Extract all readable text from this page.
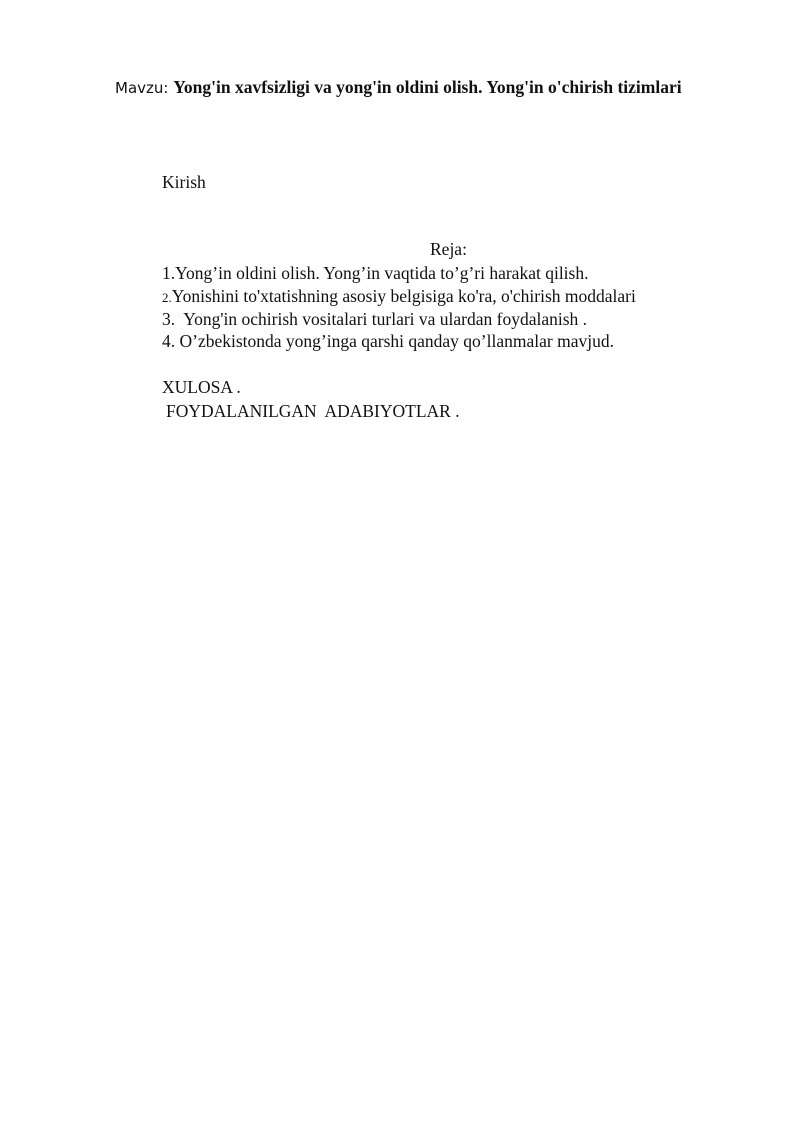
Mavzu: Yong'in xavfsizligi va yong'in oldini olish. Yong'in o'chirish tizimlari
Kirish
Reja:
1.Yong’in oldini olish. Yong’in vaqtida to’g’ri harakat qilish.
2.Yonishini to'xtatishning asosiy belgisiga ko'ra, o'chirish moddalari
3.  Yong'in ochirish vositalari turlari va ulardan foydalanish .
4. O’zbekistonda yong’inga qarshi qanday qo’llanmalar mavjud.
XULOSA .
FOYDALANILGAN  ADABIYOTLAR .
